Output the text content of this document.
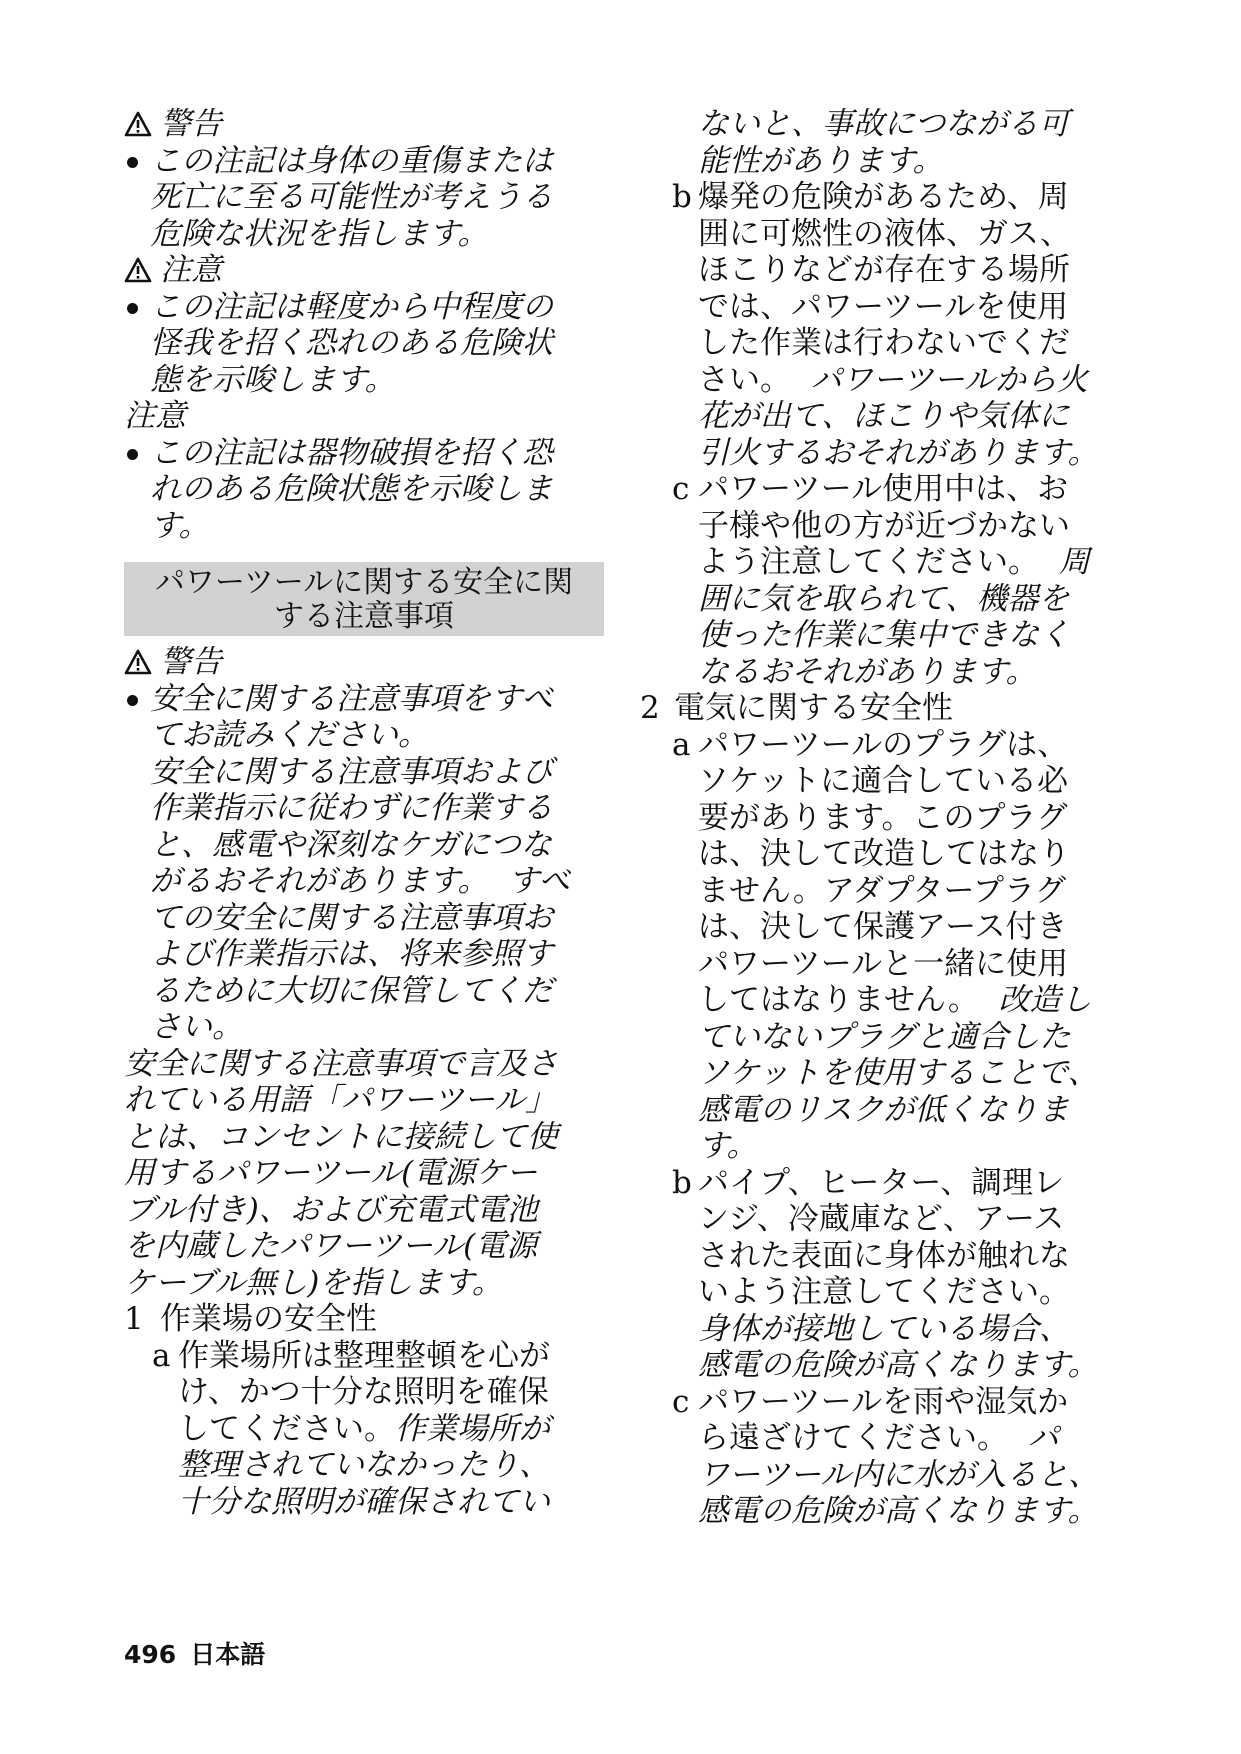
警告
この注記は身体の重傷または
死亡に至る可能性が考えうる
危険な状況を指します。
注意
この注記は軽度から中程度の
怪我を招く恐れのある危険状
態を示唆します。
注意
この注記は器物破損を招く恐
れのある危険状態を示唆しま
す。
パワーツールに関する安全に関
する注意事項
警告
安全に関する注意事項をすべ
てお読みください。
安全に関する注意事項および
作業指示に従わずに作業する
と、感電や深刻なケガにつな
がるおそれがあります。 すべ
ての安全に関する注意事項お
よび作業指示は、将来参照す
るために大切に保管してくだ
さい。
安全に関する注意事項で言及さ
れている用語「パワーツール」
とは、コンセントに接続して使
用するパワーツール(電源ケー
ブル付き)、および充電式電池
を内蔵したパワーツール(電源
ケーブル無し)を指します。
1 作業場の安全性
a 作業場所は整理整頓を心が
け、かつ十分な照明を確保
してください。作業場所が
整理されていなかったり、
十分な照明が確保されてい
ないと、事故につながる可
能性があります。
b 爆発の危険があるため、周
囲に可燃性の液体、ガス、
ほこりなどが存在する場所
では、パワーツールを使用
した作業は行わないでくだ
さい。 パワーツールから火
花が出て、ほこりや気体に
引火するおそれがあります。
c パワーツール使用中は、お
子様や他の方が近づかない
よう注意してください。 周
囲に気を取られて、機器を
使った作業に集中できなく
なるおそれがあります。
2 電気に関する安全性
a パワーツールのプラグは、
ソケットに適合している必
要があります。このプラグ
は、決して改造してはなり
ません。アダプタープラグ
は、決して保護アース付き
パワーツールと一緒に使用
してはなりません。 改造し
ていないプラグと適合した
ソケットを使用することで、
感電のリスクが低くなりま
す。
b パイプ、ヒーター、調理レ
ンジ、冷蔵庫など、アース
された表面に身体が触れな
いよう注意してください。
身体が接地している場合、
感電の危険が高くなります。
c パワーツールを雨や湿気か
ら遠ざけてください。 パ
ワーツール内に水が入ると、
感電の危険が高くなります。
496 日本語
